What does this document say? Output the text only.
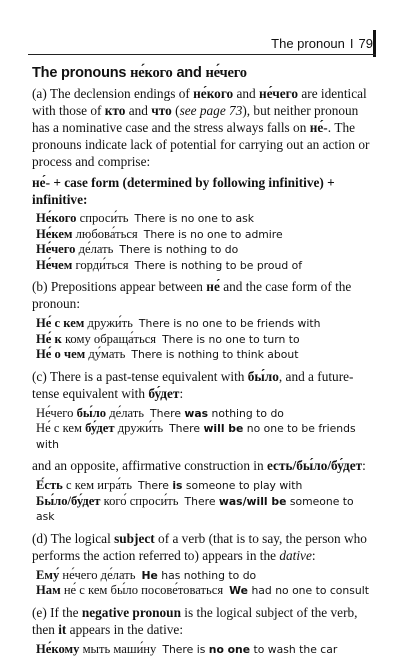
The pronoun I 79
The pronouns не́кого and не́чего

(a) The declension endings of не́кого and не́чего are identical with those of кто and что (see page 73), but neither pronoun has a nominative case and the stress always falls on не́-. The pronouns indicate lack of potential for carrying out an action or process and comprise:

не́- + case form (determined by following infinitive) +

infinitive:

Не́кого спроси́ть There is no one to ask
Не́кем любова́ться There is no one to admire
Не́чего де́лать There is nothing to do
Не́чем горди́ться There is nothing to be proud of

(b) Prepositions appear between не́ and the case form of the pronoun:

Не́ с кем дружи́ть There is no one to be friends with
Не́ к кому обраща́ться There is no one to turn to
Не́ о чем ду́мать There is nothing to think about

(c) There is a past-tense equivalent with бы́ло, and a future-tense equivalent with бу́дет:

Не́чего бы́ло де́лать There was nothing to do
Не́ с кем бу́дет дружи́ть There will be no one to be friends with

and an opposite, affirmative construction in есть/бы́ло/бу́дет:

Е́сть с кем игра́ть There is someone to play with
Бы́ло/бу́дет кого́ спроси́ть There was/will be someone to ask

(d) The logical subject of a verb (that is to say, the person who performs the action referred to) appears in the dative:

Ему́ не́чего де́лать He has nothing to do
Нам не́ с кем бы́ло посове́товаться We had no one to consult

(e) If the negative pronoun is the logical subject of the verb, then it appears in the dative:

Не́кому мыть маши́ну There is no one to wash the car
